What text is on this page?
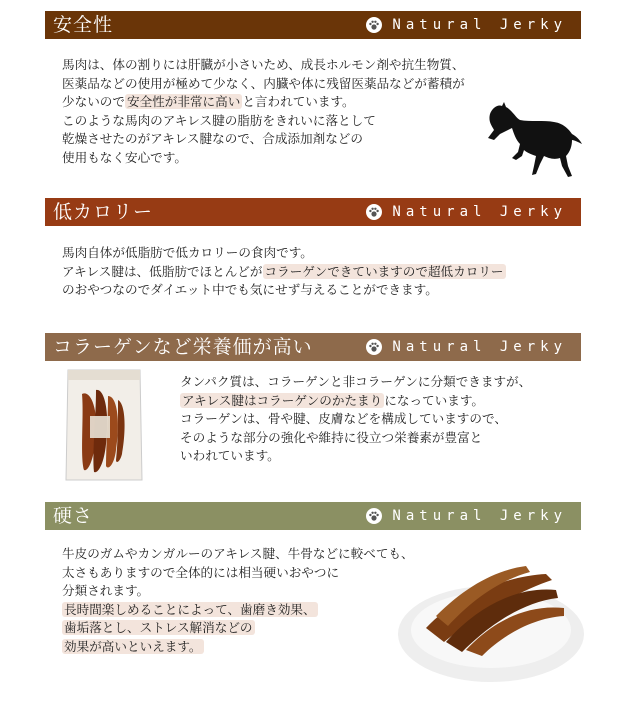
安全性	Natural Jerky
馬肉は、体の割りには肝臓が小さいため、成長ホルモン剤や抗生物質、
医薬品などの使用が極めて少なく、内臓や体に残留医薬品などが蓄積が
少ないので 安全性が非常に高い と言われています。
このような馬肉のアキレス腱の脂肪をきれいに落として
乾燥させたのがアキレス腱なので、合成添加剤などの
使用もなく安心です。
低カロリー	Natural Jerky
馬肉自体が低脂肪で低カロリーの食肉です。
アキレス腱は、低脂肪でほとんどが コラーゲンできていますので超低カロリー
のおやつなのでダイエット中でも気にせず与えることができます。
コラーゲンなど栄養価が高い	Natural Jerky
タンパク質は、コラーゲンと非コラーゲンに分類できますが、
アキレス腱はコラーゲンのかたまり になっています。
コラーゲンは、骨や腱、皮膚などを構成していますので、
そのような部分の強化や維持に役立つ栄養素が豊富と
いわれています。
硬さ	Natural Jerky
牛皮のガムやカンガルーのアキレス腱、牛骨などに較べても、
太さもありますので全体的には相当硬いおやつに
分類されます。
長時間楽しめることによって、歯磨き効果、
歯垢落とし、ストレス解消などの
効果が高いといえます。
